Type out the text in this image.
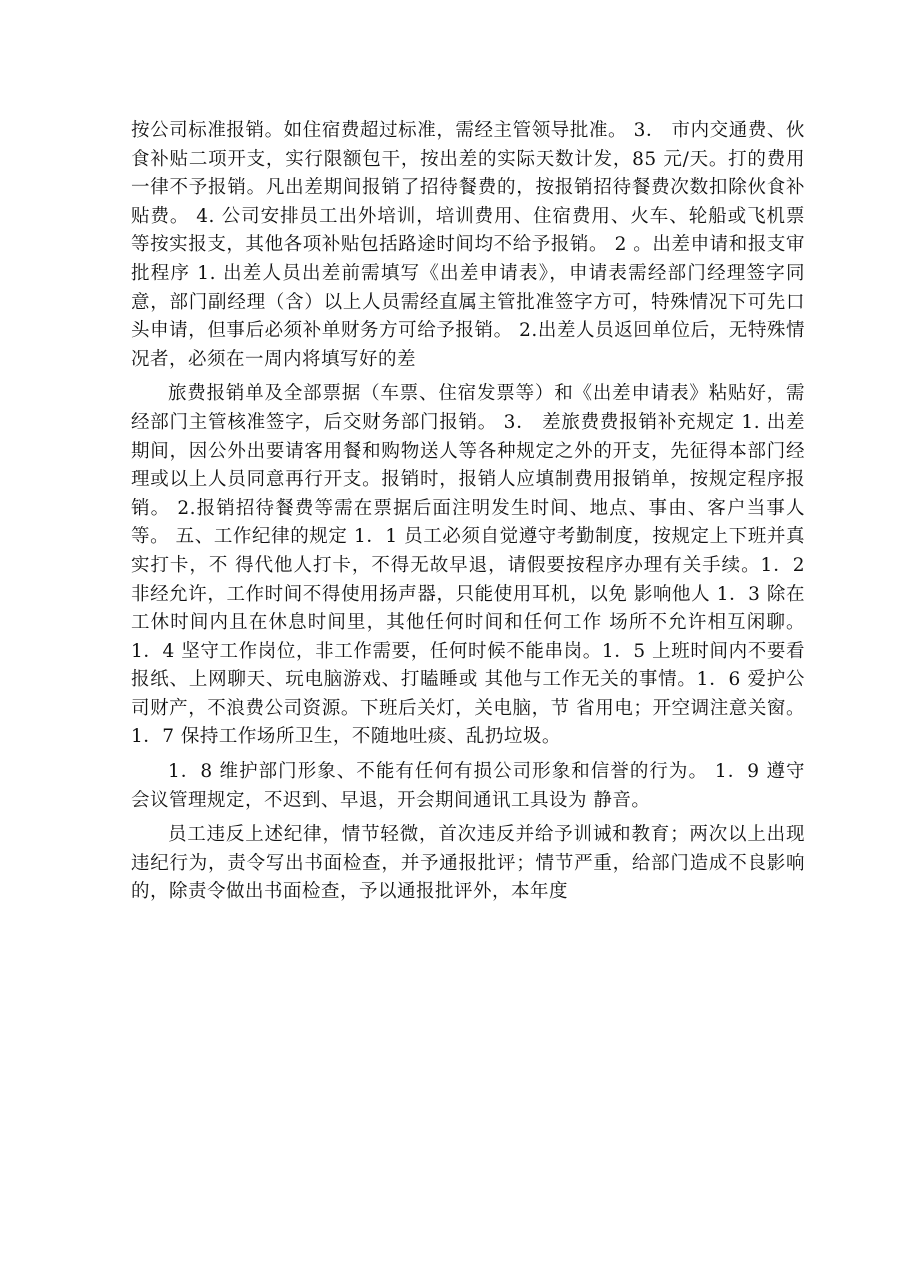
按公司标准报销。如住宿费超过标准，需经主管领导批准。 3． 市内交通费、伙食补贴二项开支，实行限额包干，按出差的实际天数计发，85 元/天。打的费用一律不予报销。凡出差期间报销了招待餐费的，按报销招待餐费次数扣除伙食补贴费。 4. 公司安排员工出外培训，培训费用、住宿费用、火车、轮船或飞机票等按实报支，其他各项补贴包括路途时间均不给予报销。 2 。出差申请和报支审批程序 1. 出差人员出差前需填写《出差申请表》，申请表需经部门经理签字同意，部门副经理（含）以上人员需经直属主管批准签字方可，特殊情况下可先口头申请，但事后必须补单财务方可给予报销。 2.出差人员返回单位后，无特殊情况者，必须在一周内将填写好的差

旅费报销单及全部票据（车票、住宿发票等）和《出差申请表》粘贴好，需经部门主管核准签字，后交财务部门报销。 3． 差旅费费报销补充规定 1. 出差期间，因公外出要请客用餐和购物送人等各种规定之外的开支，先征得本部门经理或以上人员同意再行开支。报销时，报销人应填制费用报销单，按规定程序报销。 2.报销招待餐费等需在票据后面注明发生时间、地点、事由、客户当事人等。 五、工作纪律的规定 1．1 员工必须自觉遵守考勤制度，按规定上下班并真实打卡，不 得代他人打卡，不得无故早退，请假要按程序办理有关手续。1．2 非经允许，工作时间不得使用扬声器，只能使用耳机，以免 影响他人 1．3 除在工休时间内且在休息时间里，其他任何时间和任何工作 场所不允许相互闲聊。1．4 坚守工作岗位，非工作需要，任何时候不能串岗。1．5 上班时间内不要看报纸、上网聊天、玩电脑游戏、打瞌睡或 其他与工作无关的事情。1．6 爱护公司财产，不浪费公司资源。下班后关灯，关电脑，节 省用电；开空调注意关窗。 1．7 保持工作场所卫生，不随地吐痰、乱扔垃圾。

1．8 维护部门形象、不能有任何有损公司形象和信誉的行为。 1．9 遵守会议管理规定，不迟到、早退，开会期间通讯工具设为 静音。

员工违反上述纪律，情节轻微，首次违反并给予训诫和教育；两次以上出现违纪行为，责令写出书面检查，并予通报批评；情节严重，给部门造成不良影响的，除责令做出书面检查，予以通报批评外，本年度
